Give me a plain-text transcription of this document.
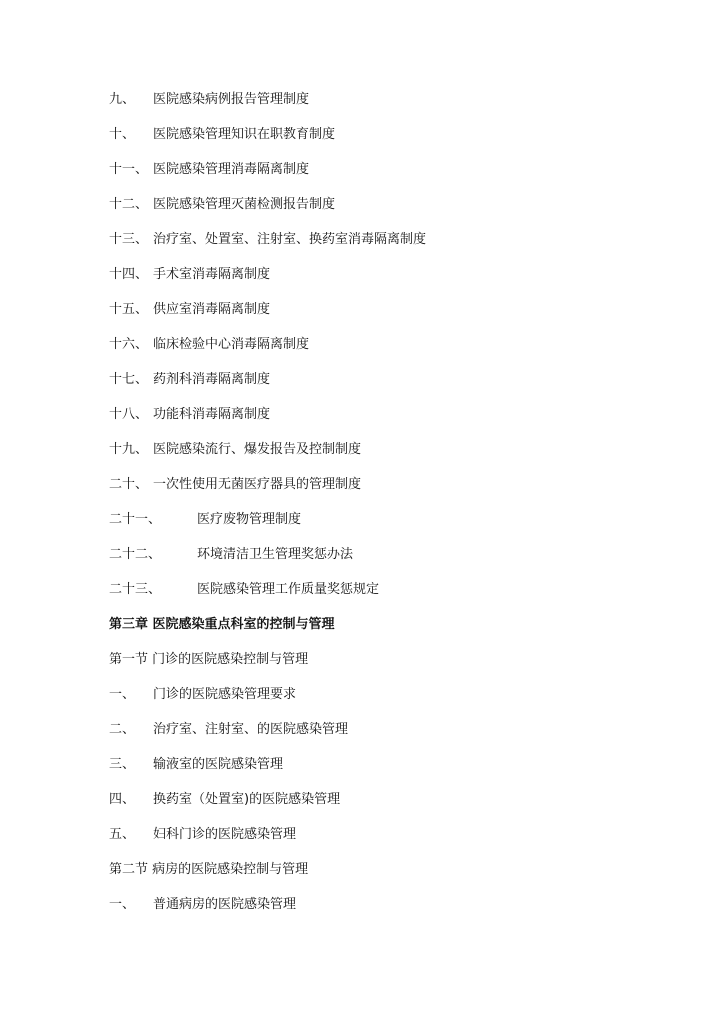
九、 医院感染病例报告管理制度
十、 医院感染管理知识在职教育制度
十一、 医院感染管理消毒隔离制度
十二、 医院感染管理灭菌检测报告制度
十三、 治疗室、处置室、注射室、换药室消毒隔离制度
十四、 手术室消毒隔离制度
十五、 供应室消毒隔离制度
十六、 临床检验中心消毒隔离制度
十七、 药剂科消毒隔离制度
十八、 功能科消毒隔离制度
十九、 医院感染流行、爆发报告及控制制度
二十、 一次性使用无菌医疗器具的管理制度
二十一、	医疗废物管理制度
二十二、	环境清洁卫生管理奖惩办法
二十三、	医院感染管理工作质量奖惩规定
第三章 医院感染重点科室的控制与管理
第一节 门诊的医院感染控制与管理
一、 门诊的医院感染管理要求
二、 治疗室、注射室、的医院感染管理
三、 输液室的医院感染管理
四、 换药室（处置室)的医院感染管理
五、 妇科门诊的医院感染管理
第二节 病房的医院感染控制与管理
一、 普通病房的医院感染管理
